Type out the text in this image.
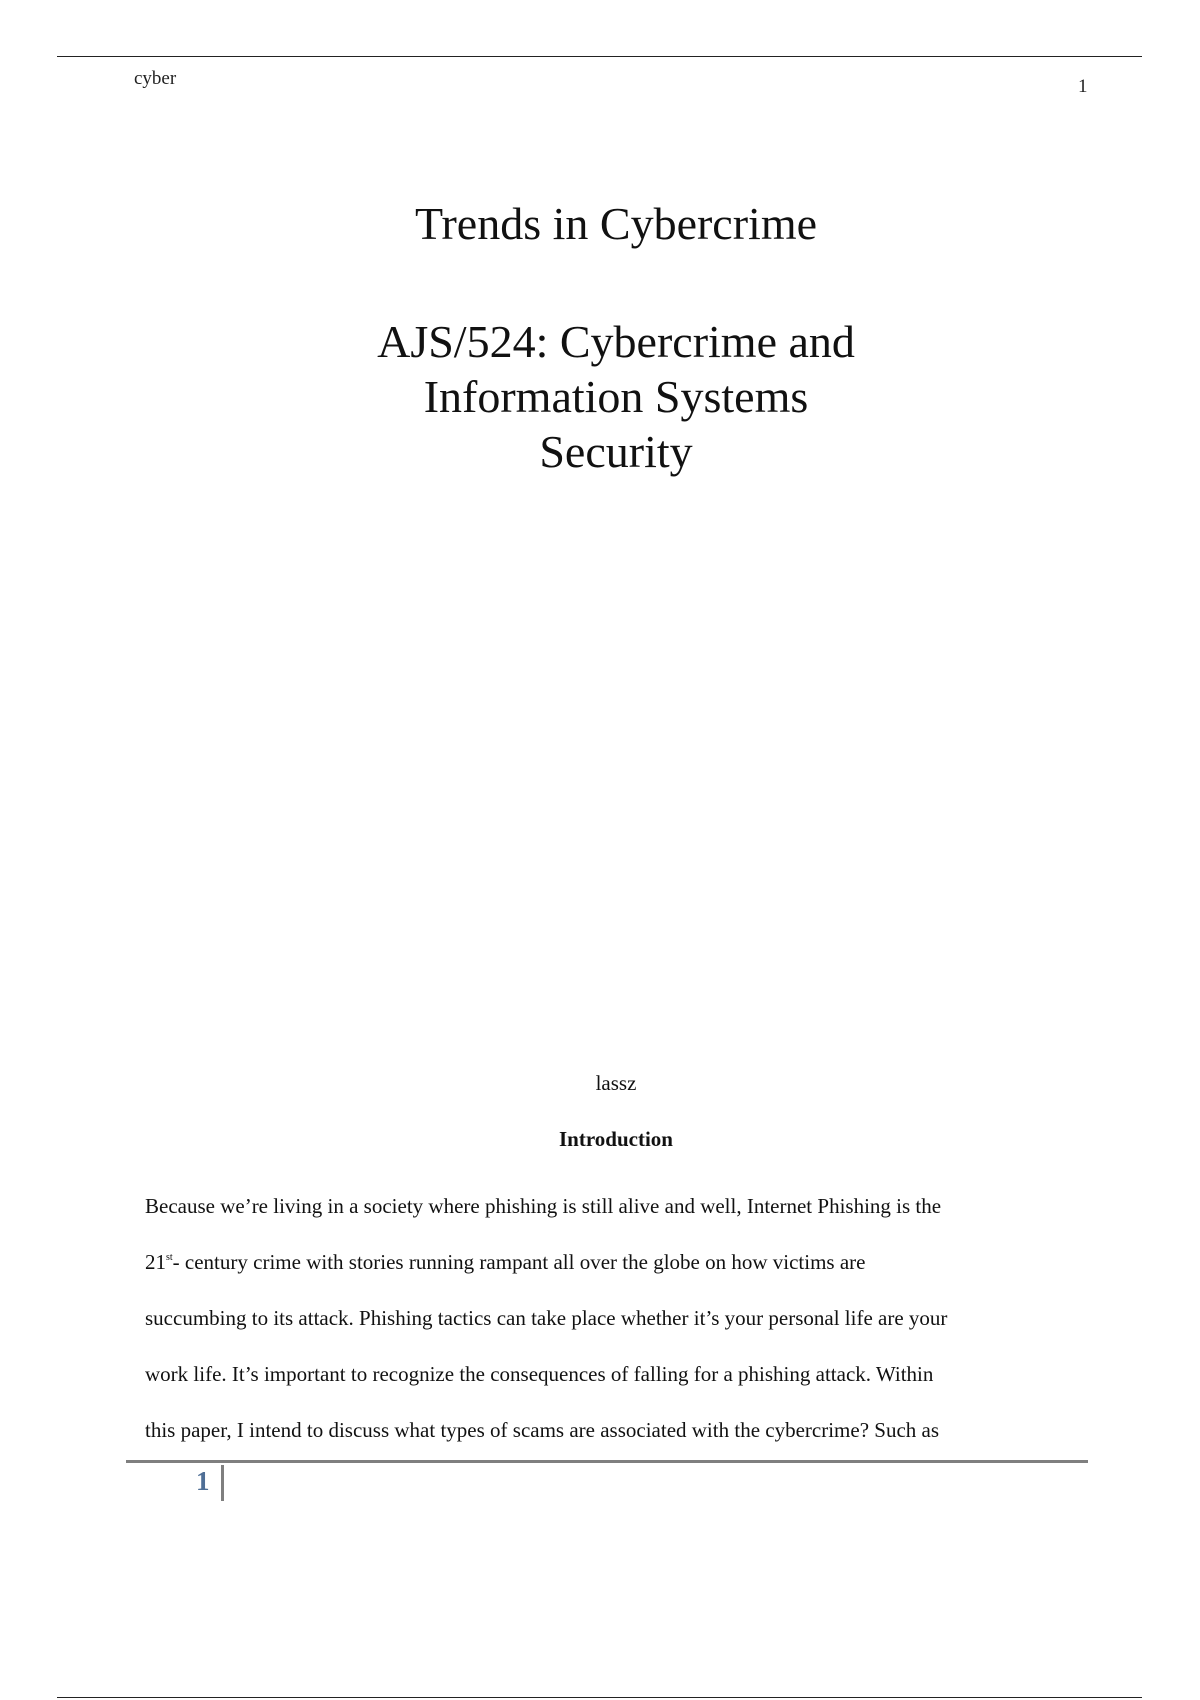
cyber	1
Trends in Cybercrime
AJS/524: Cybercrime and
Information Systems
Security
lassz
Introduction
Because we’re living in a society where phishing is still alive and well, Internet Phishing is the
21st- century crime with stories running rampant all over the globe on how victims are
succumbing to its attack. Phishing tactics can take place whether it’s your personal life are your
work life. It’s important to recognize the consequences of falling for a phishing attack. Within
this paper, I intend to discuss what types of scams are associated with the cybercrime? Such as
1
